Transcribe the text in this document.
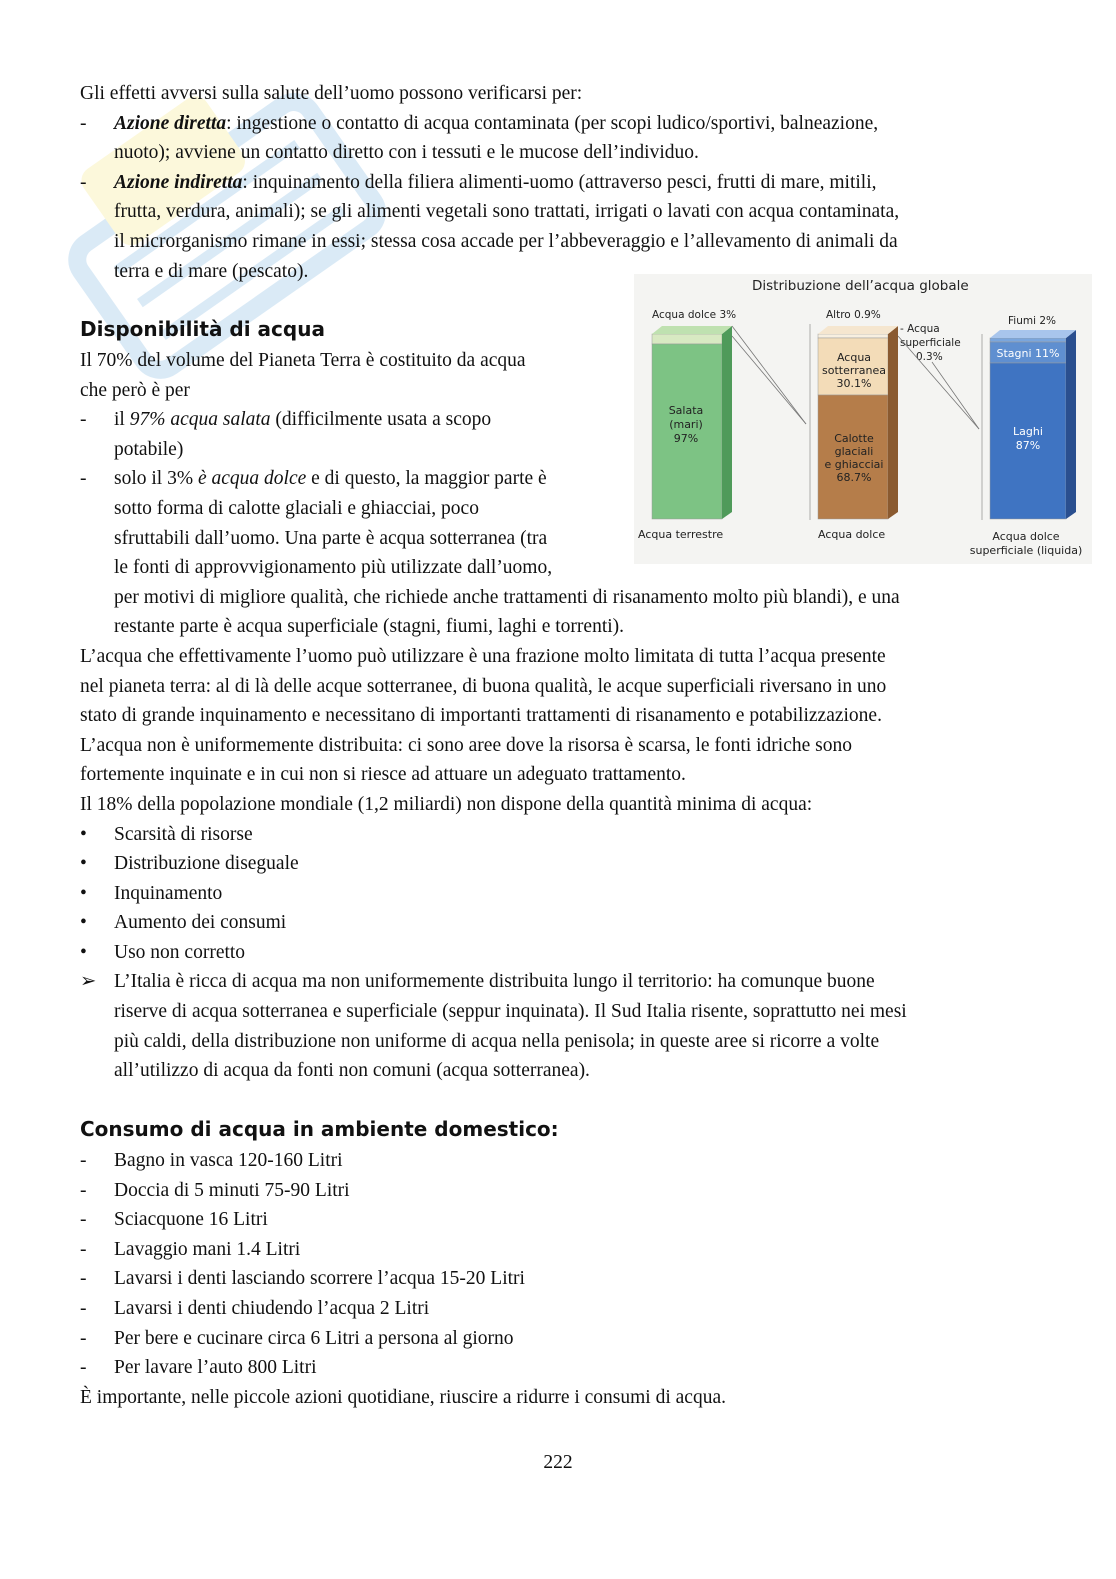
Gli effetti avversi sulla salute dell’uomo possono verificarsi per:
- Azione diretta: ingestione o contatto di acqua contaminata (per scopi ludico/sportivi, balneazione,
nuoto); avviene un contatto diretto con i tessuti e le mucose dell’individuo.
- Azione indiretta: inquinamento della filiera alimenti-uomo (attraverso pesci, frutti di mare, mitili,
frutta, verdura, animali); se gli alimenti vegetali sono trattati, irrigati o lavati con acqua contaminata,
il microrganismo rimane in essi; stessa cosa accade per l’abbeveraggio e l’allevamento di animali da
terra e di mare (pescato).
Disponibilità di acqua
Il 70% del volume del Pianeta Terra è costituito da acqua
che però è per
- il 97% acqua salata (difficilmente usata a scopo
potabile)
- solo il 3% è acqua dolce e di questo, la maggior parte è
sotto forma di calotte glaciali e ghiacciai, poco
sfruttabili dall’uomo. Una parte è acqua sotterranea (tra
le fonti di approvvigionamento più utilizzate dall’uomo,
per motivi di migliore qualità, che richiede anche trattamenti di risanamento molto più blandi), e una
restante parte è acqua superficiale (stagni, fiumi, laghi e torrenti).
L’acqua che effettivamente l’uomo può utilizzare è una frazione molto limitata di tutta l’acqua presente
nel pianeta terra: al di là delle acque sotterranee, di buona qualità, le acque superficiali riversano in uno
stato di grande inquinamento e necessitano di importanti trattamenti di risanamento e potabilizzazione.
L’acqua non è uniformemente distribuita: ci sono aree dove la risorsa è scarsa, le fonti idriche sono
fortemente inquinate e in cui non si riesce ad attuare un adeguato trattamento.
Il 18% della popolazione mondiale (1,2 miliardi) non dispone della quantità minima di acqua:
• Scarsità di risorse
• Distribuzione diseguale
• Inquinamento
• Aumento dei consumi
• Uso non corretto
➢ L’Italia è ricca di acqua ma non uniformemente distribuita lungo il territorio: ha comunque buone
riserve di acqua sotterranea e superficiale (seppur inquinata). Il Sud Italia risente, soprattutto nei mesi
più caldi, della distribuzione non uniforme di acqua nella penisola; in queste aree si ricorre a volte
all’utilizzo di acqua da fonti non comuni (acqua sotterranea).
Consumo di acqua in ambiente domestico:
- Bagno in vasca 120-160 Litri
- Doccia di 5 minuti 75-90 Litri
- Sciacquone 16 Litri
- Lavaggio mani 1.4 Litri
- Lavarsi i denti lasciando scorrere l’acqua 15-20 Litri
- Lavarsi i denti chiudendo l’acqua 2 Litri
- Per bere e cucinare circa 6 Litri a persona al giorno
- Per lavare l’auto 800 Litri
È importante, nelle piccole azioni quotidiane, riuscire a ridurre i consumi di acqua.
222
Distribuzione dell’acqua globale
Acqua dolce 3%
Salata
(mari)
97%
Acqua terrestre
Altro 0.9%
Acqua
sotterranea
30.1%
Calotte
glaciali
e ghiacciai
68.7%
Acqua dolce
- Acqua
superficiale
0.3%
Fiumi 2%
Stagni 11%
Laghi
87%
Acqua dolce
superficiale (liquida)
